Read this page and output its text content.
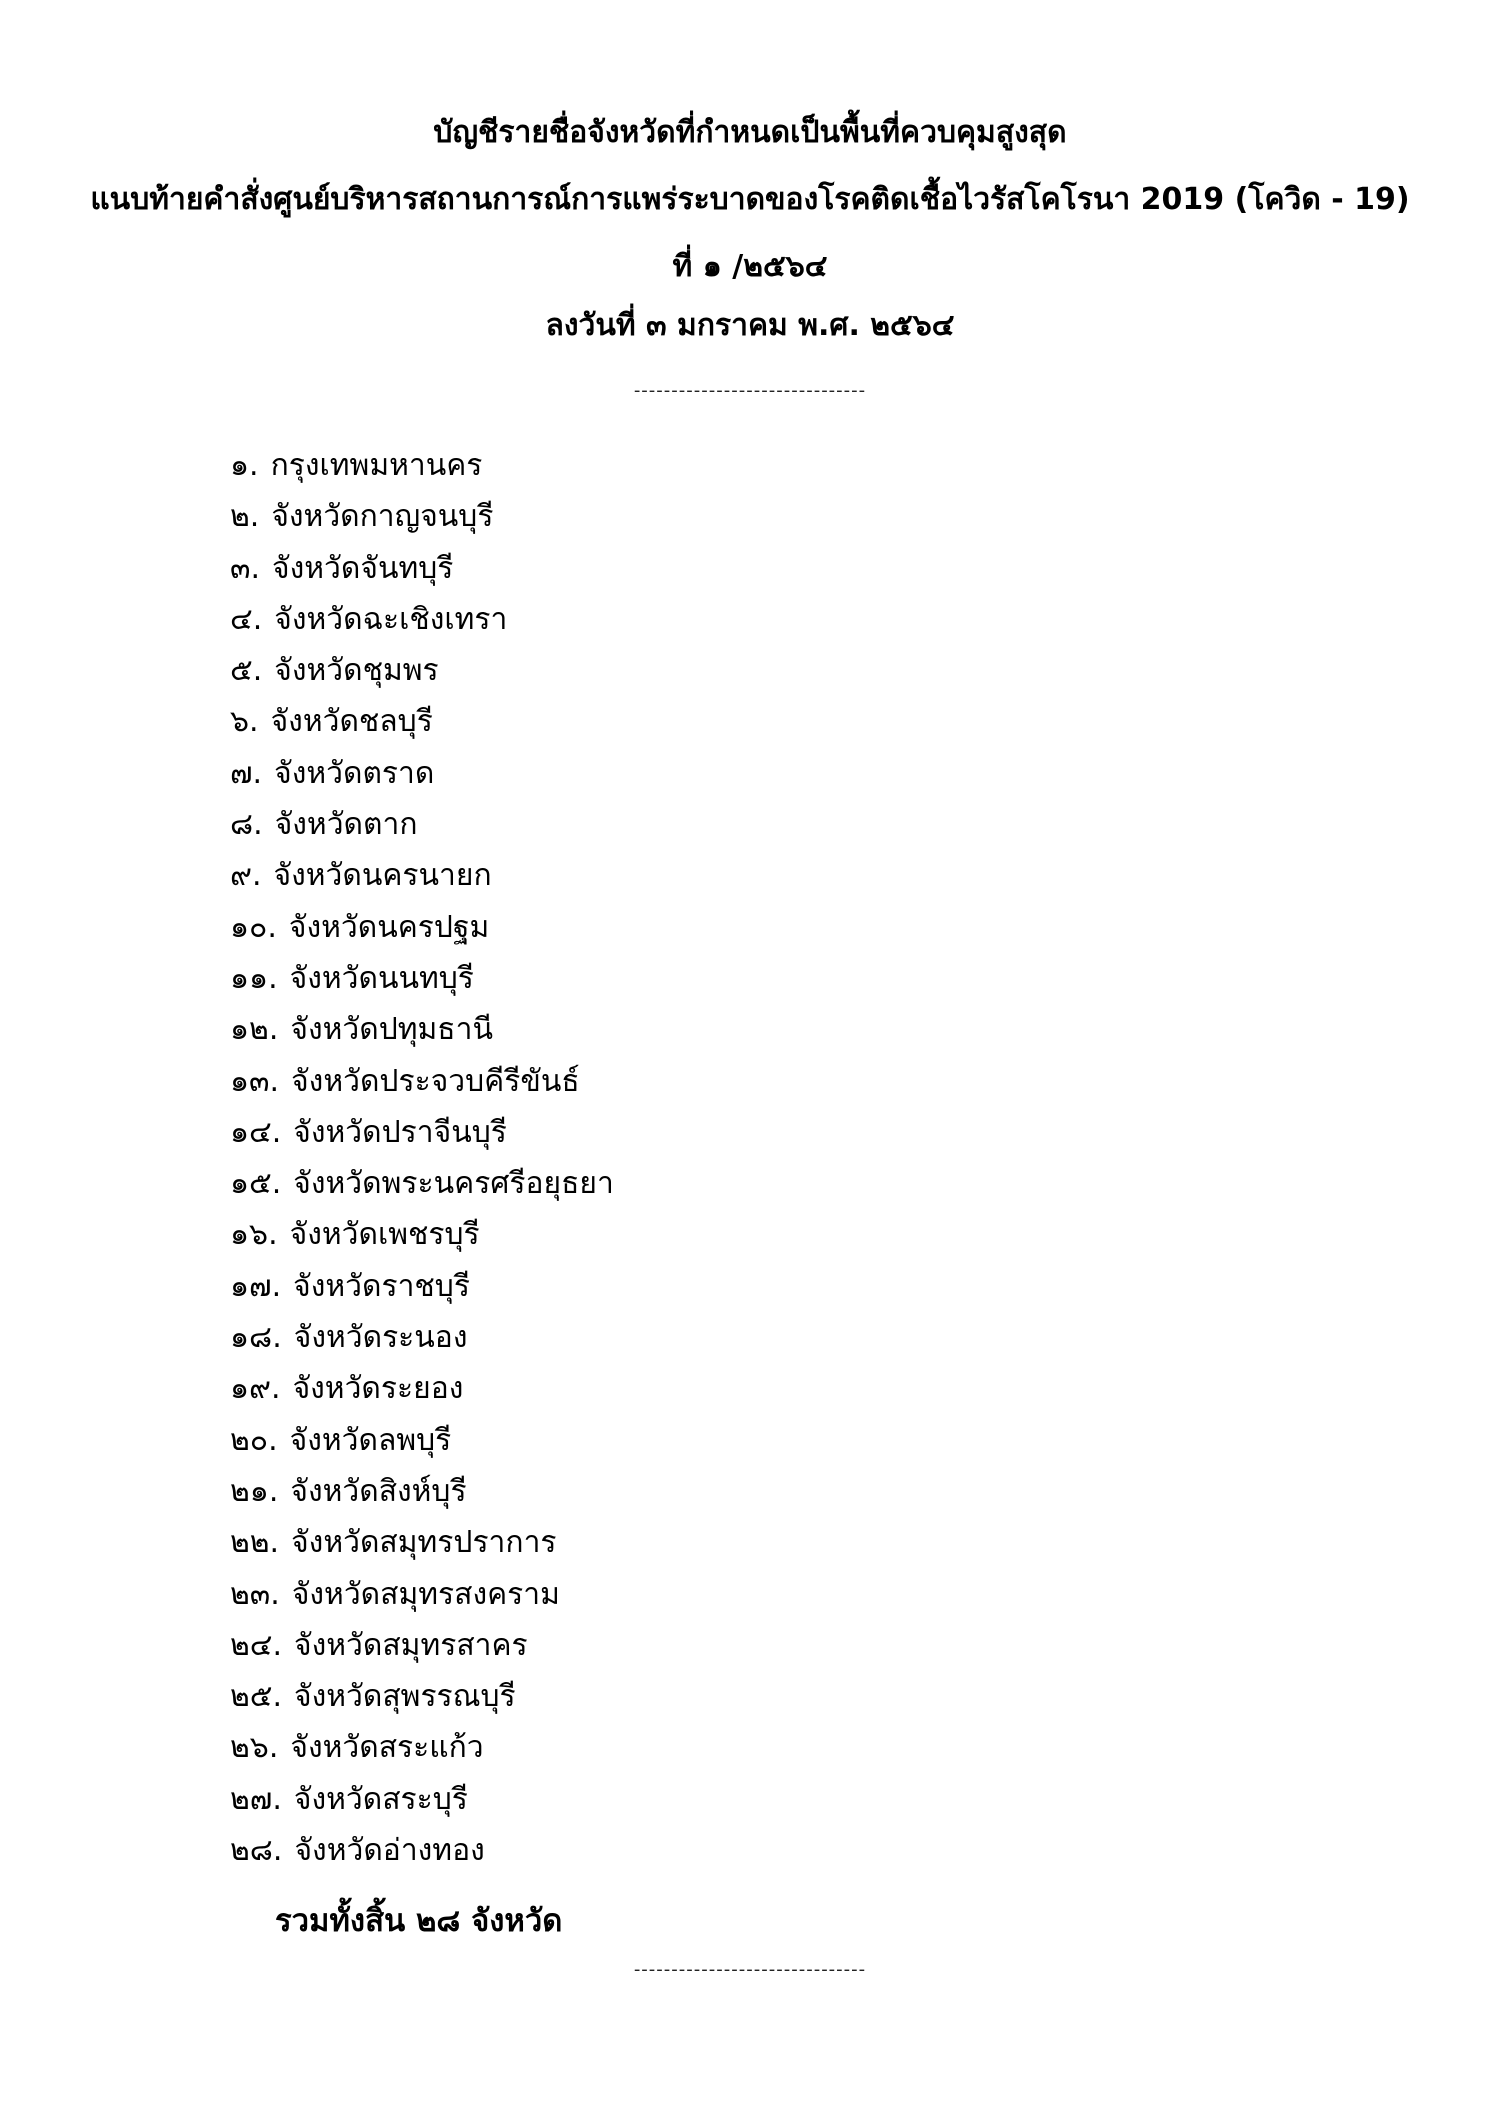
บัญชีรายชื่อจังหวัดที่กำหนดเป็นพื้นที่ควบคุมสูงสุด
แนบท้ายคำสั่งศูนย์บริหารสถานการณ์การแพร่ระบาดของโรคติดเชื้อไวรัสโคโรนา 2019 (โควิด - 19)
ที่ ๑ /๒๕๖๔
ลงวันที่ ๓ มกราคม พ.ศ. ๒๕๖๔
-------------------------------
๑. กรุงเทพมหานคร
๒. จังหวัดกาญจนบุรี
๓. จังหวัดจันทบุรี
๔. จังหวัดฉะเชิงเทรา
๕. จังหวัดชุมพร
๖. จังหวัดชลบุรี
๗. จังหวัดตราด
๘. จังหวัดตาก
๙. จังหวัดนครนายก
๑๐. จังหวัดนครปฐม
๑๑. จังหวัดนนทบุรี
๑๒. จังหวัดปทุมธานี
๑๓. จังหวัดประจวบคีรีขันธ์
๑๔. จังหวัดปราจีนบุรี
๑๕. จังหวัดพระนครศรีอยุธยา
๑๖. จังหวัดเพชรบุรี
๑๗. จังหวัดราชบุรี
๑๘. จังหวัดระนอง
๑๙. จังหวัดระยอง
๒๐. จังหวัดลพบุรี
๒๑. จังหวัดสิงห์บุรี
๒๒. จังหวัดสมุทรปราการ
๒๓. จังหวัดสมุทรสงคราม
๒๔. จังหวัดสมุทรสาคร
๒๕. จังหวัดสุพรรณบุรี
๒๖. จังหวัดสระแก้ว
๒๗. จังหวัดสระบุรี
๒๘. จังหวัดอ่างทอง
รวมทั้งสิ้น ๒๘ จังหวัด
-------------------------------
